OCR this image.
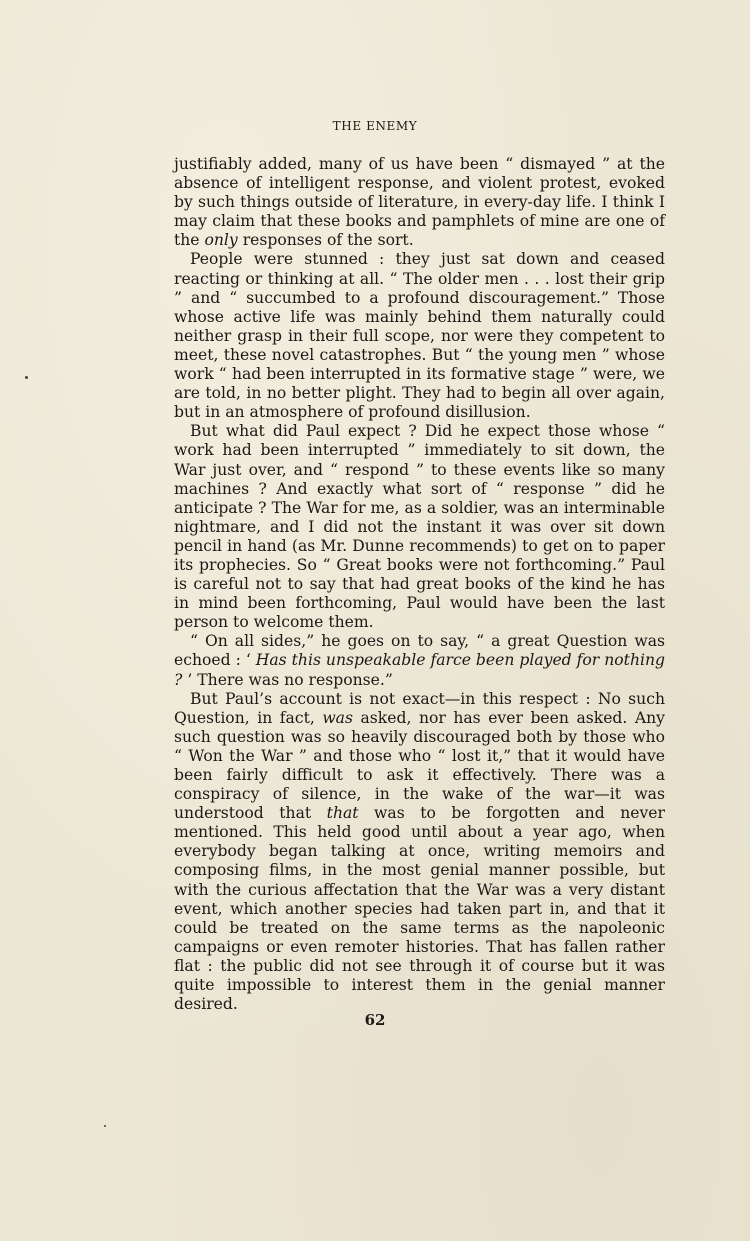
THE ENEMY

justifiably added, many of us have been “ dismayed ” at the absence of intelligent response, and violent protest, evoked by such things outside of literature, in every-day life. I think I may claim that these books and pamphlets of mine are one of the only responses of the sort.

People were stunned : they just sat down and ceased reacting or thinking at all. “ The older men . . . lost their grip ” and “ succumbed to a profound discouragement.” Those whose active life was mainly behind them naturally could neither grasp in their full scope, nor were they competent to meet, these novel catastrophes. But “ the young men ” whose work “ had been interrupted in its formative stage ” were, we are told, in no better plight. They had to begin all over again, but in an atmosphere of profound disillusion.

But what did Paul expect ? Did he expect those whose “ work had been interrupted ” immediately to sit down, the War just over, and “ respond ” to these events like so many machines ? And exactly what sort of “ response ” did he anticipate ? The War for me, as a soldier, was an interminable nightmare, and I did not the instant it was over sit down pencil in hand (as Mr. Dunne recommends) to get on to paper its prophecies. So “ Great books were not forthcoming.” Paul is careful not to say that had great books of the kind he has in mind been forthcoming, Paul would have been the last person to welcome them.

“ On all sides,” he goes on to say, “ a great Question was echoed : ‘ Has this unspeakable farce been played for nothing ? ’ There was no response.”

But Paul’s account is not exact—in this respect : No such Question, in fact, was asked, nor has ever been asked. Any such question was so heavily discouraged both by those who “ Won the War ” and those who “ lost it,” that it would have been fairly difficult to ask it effectively. There was a conspiracy of silence, in the wake of the war—it was understood that that was to be forgotten and never mentioned. This held good until about a year ago, when everybody began talking at once, writing memoirs and composing films, in the most genial manner possible, but with the curious affectation that the War was a very distant event, which another species had taken part in, and that it could be treated on the same terms as the napoleonic campaigns or even remoter histories. That has fallen rather flat : the public did not see through it of course but it was quite impossible to interest them in the genial manner desired.

62
